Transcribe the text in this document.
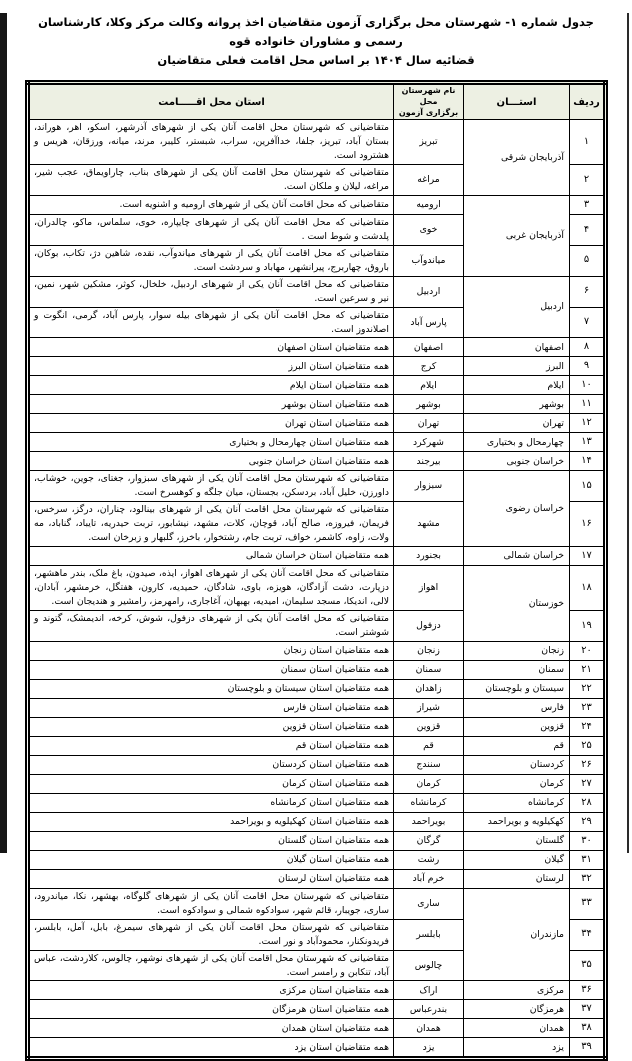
جدول شماره ۱- شهرستان محل برگزاری آزمون متقاضیان اخذ پروانه وکالت مرکز وکلا، کارشناسان رسمی و مشاوران خانواده قوه
قضائیه سال ۱۴۰۴ بر اساس محل اقامت فعلی متقاضیان
ردیف	استـــان	نام شهرستان محل
برگزاری آزمون	استان محل اقـــــامت
۱	آذربایجان شرقی	تبریز	متقاضیانی که شهرستان محل اقامت آنان یکی از شهرهای آذرشهر، اسکو، اهر، هوراند، بستان آباد، تبریز، جلفا، خداآفرین، سراب، شبستر، کلیبر، مرند، میانه، ورزقان، هریس و هشترود است.
۲		مراغه	متقاضیانی که شهرستان محل اقامت آنان یکی از شهرهای بناب، چاراویماق، عجب شیر، مراغه، لیلان و ملکان است.
۳	آذربایجان غربی	ارومیه	متقاضیانی که محل اقامت آنان یکی از شهرهای ارومیه و اشنویه است.
۴		خوی	متقاضیانی که محل اقامت آنان یکی از شهرهای چایپاره، خوی، سلماس، ماکو، چالدران، پلدشت و شوط است .
۵		میاندوآب	متقاضیانی که محل اقامت آنان یکی از شهرهای میاندوآب، نقده، شاهین دژ، تکاب، بوکان، باروق، چهاربرج، پیرانشهر، مهاباد و سردشت است.
۶	اردبیل	اردبیل	متقاضیانی که محل اقامت آنان یکی از شهرهای اردبیل، خلخال، کوثر، مشکین شهر، نمین، نیر و سرعین است.
۷		پارس آباد	متقاضیانی که محل اقامت آنان یکی از شهرهای بیله سوار، پارس آباد، گرمی، انگوت و اصلاندوز است.
۸	اصفهان	اصفهان	همه متقاضیان استان اصفهان
۹	البرز	کرج	همه متقاضیان استان البرز
۱۰	ایلام	ایلام	همه متقاضیان استان ایلام
۱۱	بوشهر	بوشهر	همه متقاضیان استان بوشهر
۱۲	تهران	تهران	همه متقاضیان استان تهران
۱۳	چهارمحال و بختیاری	شهرکرد	همه متقاضیان استان چهارمحال و بختیاری
۱۴	خراسان جنوبی	بیرجند	همه متقاضیان استان خراسان جنوبی
۱۵	خراسان رضوی	سبزوار	متقاضیانی که شهرستان محل اقامت آنان یکی از شهرهای سبزوار، جغتای، جوین، خوشاب، داورزن، خلیل آباد، بردسکن، بجستان، میان جلگه و کوهسرخ است.
۱۶		مشهد	متقاضیانی که شهرستان محل اقامت آنان یکی از شهرهای بینالود، چناران، درگز، سرخس، فریمان، فیروزه، صالح آباد، قوچان، کلات، مشهد، نیشابور، تربت حیدریه، تایباد، گناباد، مه ولات، زاوه، کاشمر، خواف، تربت جام، رشتخوار، باخرز، گلبهار و زبرخان است.
۱۷	خراسان شمالی	بجنورد	همه متقاضیان استان خراسان شمالی
۱۸	خوزستان	اهواز	متقاضیانی که محل اقامت آنان یکی از شهرهای اهواز، ایذه، صیدون، باغ ملک، بندر ماهشهر، دزپارت، دشت آزادگان، هویزه، باوی، شادگان، حمیدیه، کارون، هفتگل، خرمشهر، آبادان، لالی، اندیکا، مسجد سلیمان، امیدیه، بهبهان، آغاجاری، رامهرمز، رامشیر و هندیجان است.
۱۹		دزفول	متقاضیانی که محل اقامت آنان یکی از شهرهای دزفول، شوش، کرخه، اندیمشک، گتوند و شوشتر است.
۲۰	زنجان	زنجان	همه متقاضیان استان زنجان
۲۱	سمنان	سمنان	همه متقاضیان استان سمنان
۲۲	سیستان و بلوچستان	زاهدان	همه متقاضیان استان سیستان و بلوچستان
۲۳	فارس	شیراز	همه متقاضیان استان فارس
۲۴	قزوین	قزوین	همه متقاضیان استان قزوین
۲۵	قم	قم	همه متقاضیان استان قم
۲۶	کردستان	سنندج	همه متقاضیان استان کردستان
۲۷	کرمان	کرمان	همه متقاضیان استان کرمان
۲۸	کرمانشاه	کرمانشاه	همه متقاضیان استان کرمانشاه
۲۹	کهکیلویه و بویراحمد	بویراحمد	همه متقاضیان استان کهکیلویه و بویراحمد
۳۰	گلستان	گرگان	همه متقاضیان استان گلستان
۳۱	گیلان	رشت	همه متقاضیان استان گیلان
۳۲	لرستان	خرم آباد	همه متقاضیان استان لرستان
۳۳	مازندران	ساری	متقاضیانی که شهرستان محل اقامت آنان یکی از شهرهای گلوگاه، بهشهر، نکا، میاندرود، ساری، جویبار، قائم شهر، سوادکوه شمالی و سوادکوه است.
۳۴		بابلسر	متقاضیانی که شهرستان محل اقامت آنان یکی از شهرهای سیمرغ، بابل، آمل، بابلسر، فریدونکنار، محمودآباد و نور است.
۳۵		چالوس	متقاضیانی که شهرستان محل اقامت آنان یکی از شهرهای نوشهر، چالوس، کلاردشت، عباس آباد، تنکابن و رامسر است.
۳۶	مرکزی	اراک	همه متقاضیان استان مرکزی
۳۷	هرمزگان	بندرعباس	همه متقاضیان استان هرمزگان
۳۸	همدان	همدان	همه متقاضیان استان همدان
۳۹	یزد	یزد	همه متقاضیان استان یزد
